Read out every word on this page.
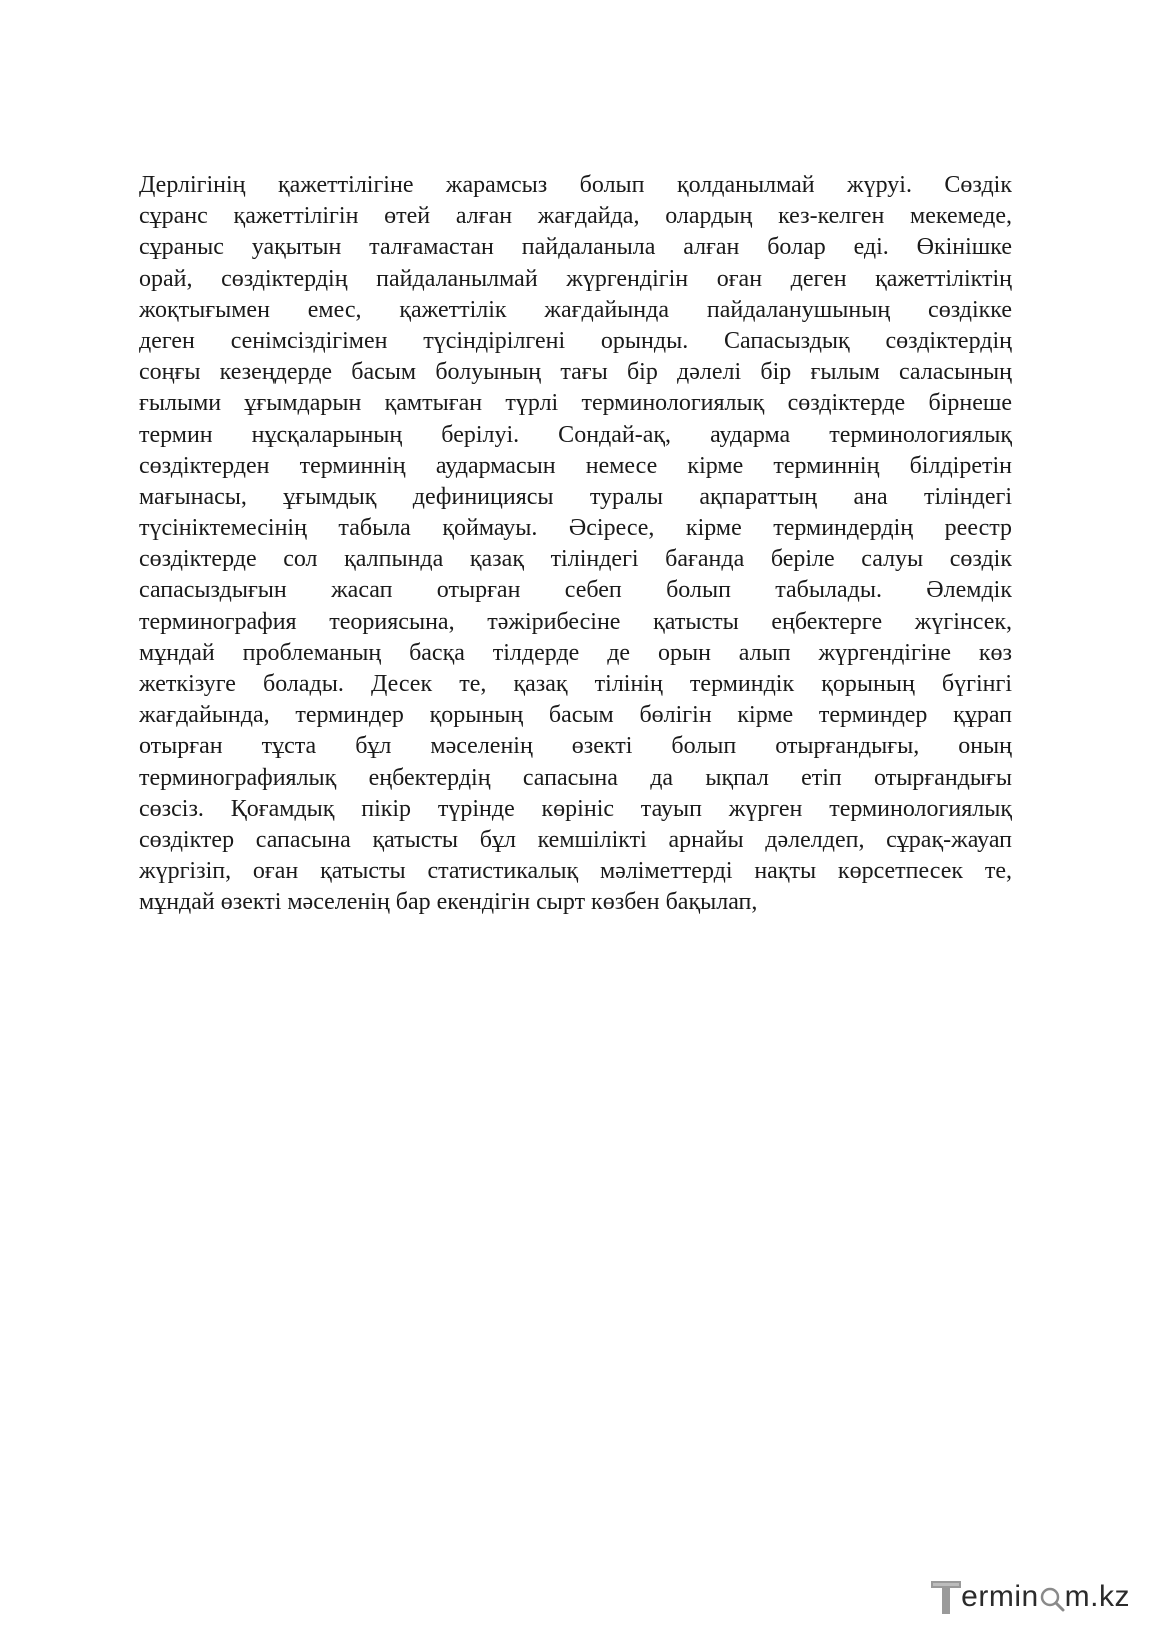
Дерлігінің қажеттілігіне жарамсыз болып қолданылмай жүруі. Сөздік
сұранс қажеттілігін өтей алған жағдайда, олардың кез-келген мекемеде,
сұраныс уақытын талғамастан пайдаланыла алған болар еді. Өкінішке
орай, сөздіктердің пайдаланылмай жүргендігін оған деген қажеттіліктің
жоқтығымен емес, қажеттілік жағдайында пайдаланушының сөздікке
деген сенімсіздігімен түсіндірілгені орынды. Сапасыздық сөздіктердің
соңғы кезеңдерде басым болуының тағы бір дәлелі бір ғылым саласының
ғылыми ұғымдарын қамтыған түрлі терминологиялық сөздіктерде бірнеше
термин нұсқаларының берілуі. Сондай-ақ, аударма терминологиялық
сөздіктерден терминнің аудармасын немесе кірме терминнің білдіретін
мағынасы, ұғымдық дефинициясы туралы ақпараттың ана тіліндегі
түсініктемесінің табыла қоймауы. Әсіресе, кірме терминдердің реестр
сөздіктерде сол қалпында қазақ тіліндегі бағанда беріле салуы сөздік
сапасыздығын жасап отырған себеп болып табылады. Әлемдік
терминография теориясына, тәжірибесіне қатысты еңбектерге жүгінсек,
мұндай проблеманың басқа тілдерде де орын алып жүргендігіне көз
жеткізуге болады. Десек те, қазақ тілінің терминдік қорының бүгінгі
жағдайында, терминдер қорының басым бөлігін кірме терминдер құрап
отырған тұста бұл мәселенің өзекті болып отырғандығы, оның
терминографиялық еңбектердің сапасына да ықпал етіп отырғандығы
сөзсіз. Қоғамдық пікір түрінде көрініс тауып жүрген терминологиялық
сөздіктер сапасына қатысты бұл кемшілікті арнайы дәлелдеп, сұрақ-жауап
жүргізіп, оған қатысты статистикалық мәліметтерді нақты көрсетпесек те,
мұндай өзекті мәселенің бар екендігін сырт көзбен бақылап,
ermin m.kz
